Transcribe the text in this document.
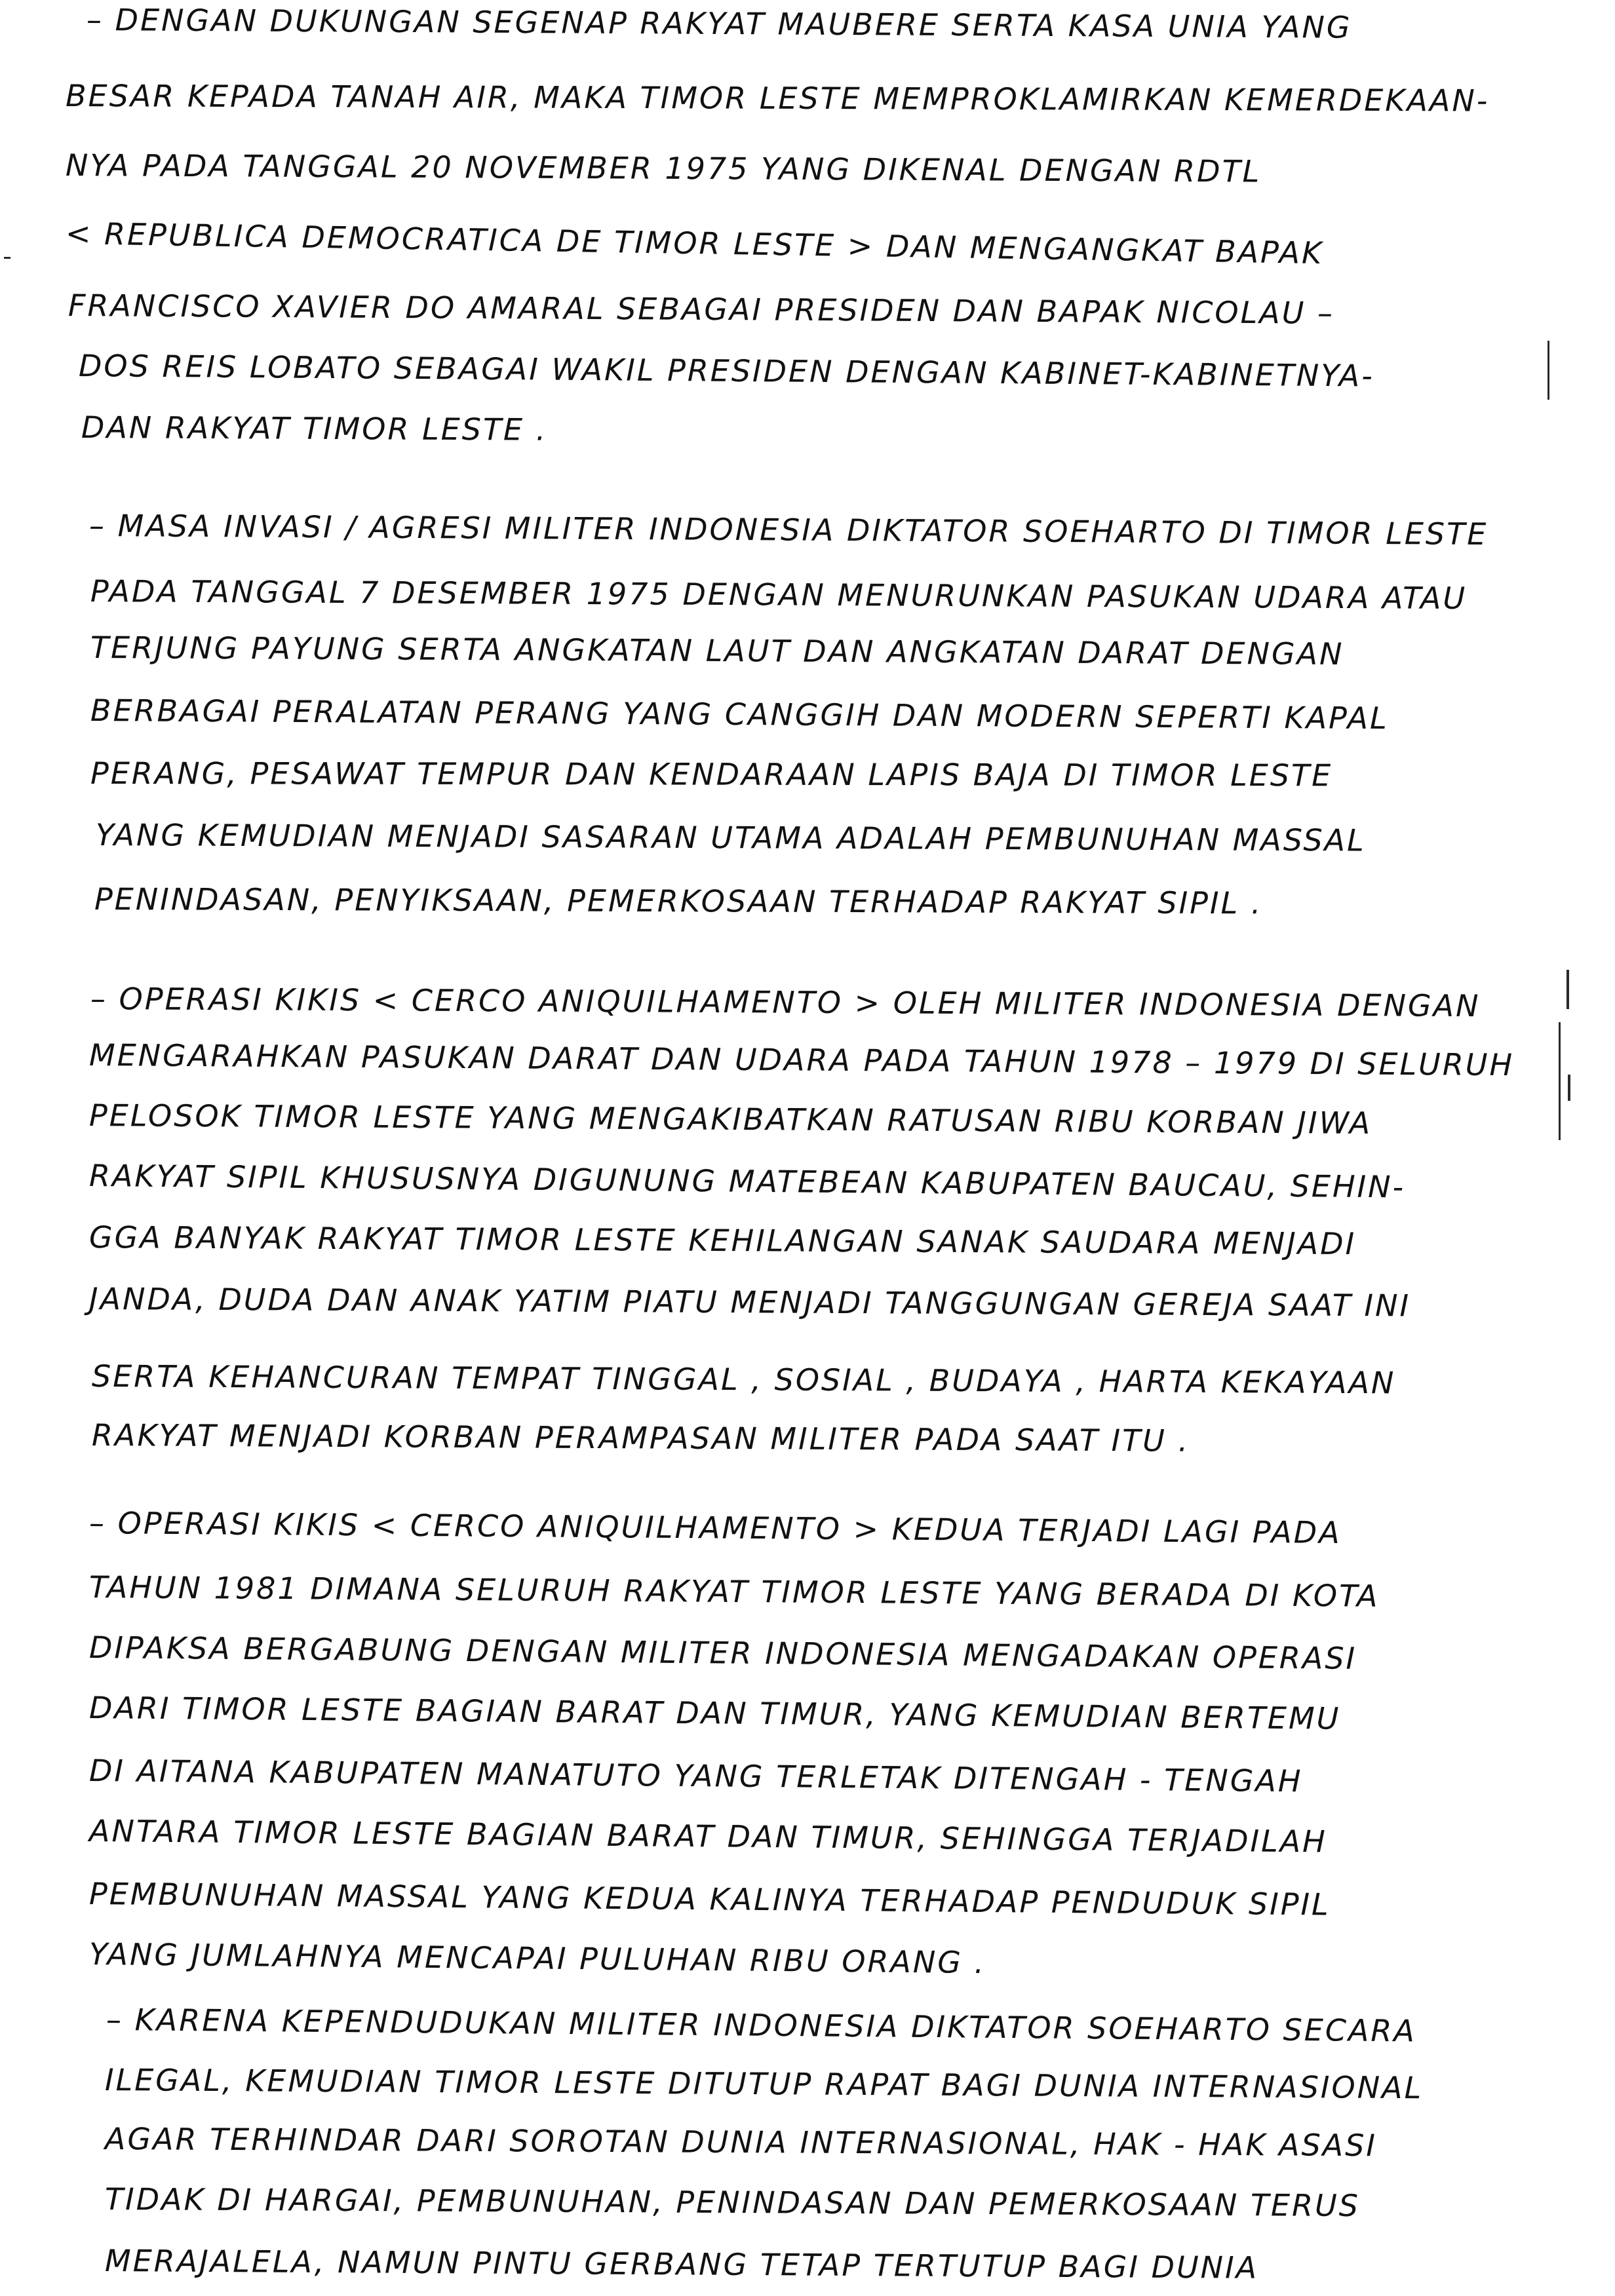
– DENGAN DUKUNGAN SEGENAP RAKYAT MAUBERE SERTA KASA UNIA YANG
BESAR KEPADA TANAH AIR, MAKA TIMOR LESTE MEMPROKLAMIRKAN KEMERDEKAAN-
NYA PADA TANGGAL 20 NOVEMBER 1975 YANG DIKENAL DENGAN RDTL
< REPUBLICA DEMOCRATICA DE TIMOR LESTE > DAN MENGANGKAT BAPAK
FRANCISCO XAVIER DO AMARAL SEBAGAI PRESIDEN DAN BAPAK NICOLAU –
DOS REIS LOBATO SEBAGAI WAKIL PRESIDEN DENGAN KABINET-KABINETNYA-
DAN RAKYAT TIMOR LESTE .
– MASA INVASI / AGRESI MILITER INDONESIA DIKTATOR SOEHARTO DI TIMOR LESTE
PADA TANGGAL 7 DESEMBER 1975 DENGAN MENURUNKAN PASUKAN UDARA ATAU
TERJUNG PAYUNG SERTA ANGKATAN LAUT DAN ANGKATAN DARAT DENGAN
BERBAGAI PERALATAN PERANG YANG CANGGIH DAN MODERN SEPERTI KAPAL
PERANG, PESAWAT TEMPUR DAN KENDARAAN LAPIS BAJA DI TIMOR LESTE
YANG KEMUDIAN MENJADI SASARAN UTAMA ADALAH PEMBUNUHAN MASSAL
PENINDASAN, PENYIKSAAN, PEMERKOSAAN TERHADAP RAKYAT SIPIL .
– OPERASI KIKIS < CERCO ANIQUILHAMENTO > OLEH MILITER INDONESIA DENGAN
MENGARAHKAN PASUKAN DARAT DAN UDARA PADA TAHUN 1978 – 1979 DI SELURUH
PELOSOK TIMOR LESTE YANG MENGAKIBATKAN RATUSAN RIBU KORBAN JIWA
RAKYAT SIPIL KHUSUSNYA DIGUNUNG MATEBEAN KABUPATEN BAUCAU, SEHIN-
GGA BANYAK RAKYAT TIMOR LESTE KEHILANGAN SANAK SAUDARA MENJADI
JANDA, DUDA DAN ANAK YATIM PIATU MENJADI TANGGUNGAN GEREJA SAAT INI
SERTA KEHANCURAN TEMPAT TINGGAL , SOSIAL , BUDAYA , HARTA KEKAYAAN
RAKYAT MENJADI KORBAN PERAMPASAN MILITER PADA SAAT ITU .
– OPERASI KIKIS < CERCO ANIQUILHAMENTO > KEDUA TERJADI LAGI PADA
TAHUN 1981 DIMANA SELURUH RAKYAT TIMOR LESTE YANG BERADA DI KOTA
DIPAKSA BERGABUNG DENGAN MILITER INDONESIA MENGADAKAN OPERASI
DARI TIMOR LESTE BAGIAN BARAT DAN TIMUR, YANG KEMUDIAN BERTEMU
DI AITANA KABUPATEN MANATUTO YANG TERLETAK DITENGAH - TENGAH
ANTARA TIMOR LESTE BAGIAN BARAT DAN TIMUR, SEHINGGA TERJADILAH
PEMBUNUHAN MASSAL YANG KEDUA KALINYA TERHADAP PENDUDUK SIPIL
YANG JUMLAHNYA MENCAPAI PULUHAN RIBU ORANG .
– KARENA KEPENDUDUKAN MILITER INDONESIA DIKTATOR SOEHARTO SECARA
ILEGAL, KEMUDIAN TIMOR LESTE DITUTUP RAPAT BAGI DUNIA INTERNASIONAL
AGAR TERHINDAR DARI SOROTAN DUNIA INTERNASIONAL, HAK - HAK ASASI
TIDAK DI HARGAI, PEMBUNUHAN, PENINDASAN DAN PEMERKOSAAN TERUS
MERAJALELA, NAMUN PINTU GERBANG TETAP TERTUTUP BAGI DUNIA
